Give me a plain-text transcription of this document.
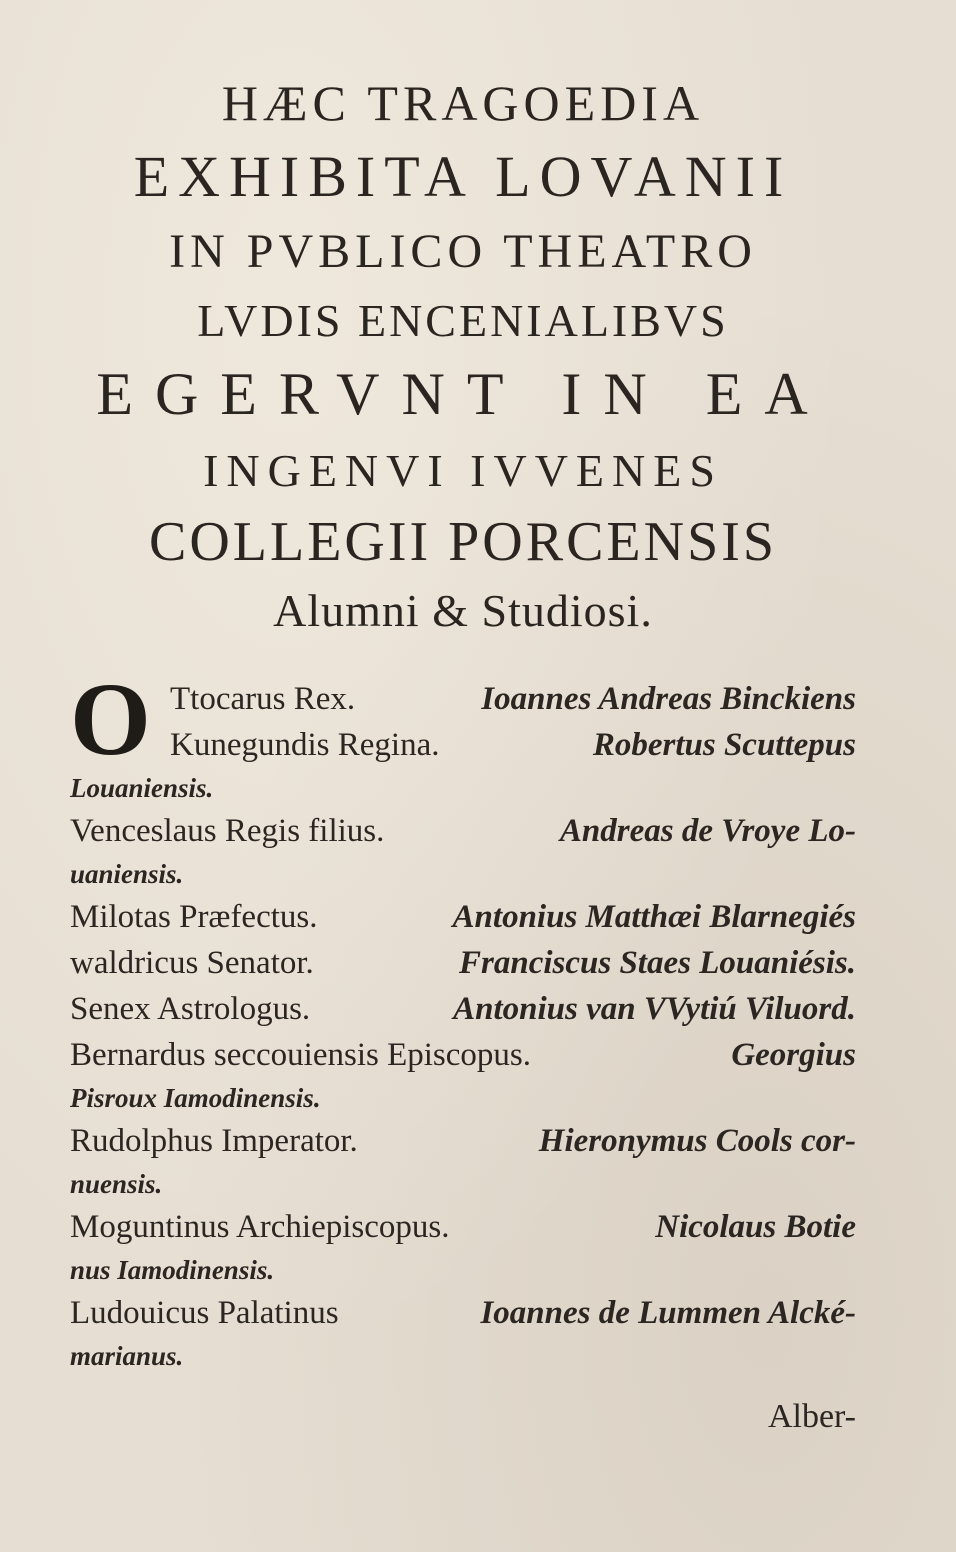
HÆC TRAGOEDIA
EXHIBITA LOVANII
IN PVBLICO THEATRO
LVDIS ENCENIALIBVS
EGERVNT IN EA
INGENVI IVVENES
COLLEGII PORCENSIS
Alumni & Studiosi.
O Ttocarus Rex.	Ioannes Andreas Binckiens
Kunegundis Regina.	Robertus Scuttepus
Louaniensis.
Venceslaus Regis filius.	Andreas de Vroye Lo-
uaniensis.
Milotas Præfectus.	Antonius Matthæi Blarnegiés
waldricus Senator.	Franciscus Staes Louaniésis.
Senex Astrologus.	Antonius van VVytiú Viluord.
Bernardus seccouiensis Episcopus.	Georgius
Pisroux Iamodinensis.
Rudolphus Imperator.	Hieronymus Cools cor-
nuensis.
Moguntinus Archiepiscopus.	Nicolaus Botie
nus Iamodinensis.
Ludouicus Palatinus	Ioannes de Lummen Alcké-
marianus.
Alber-
